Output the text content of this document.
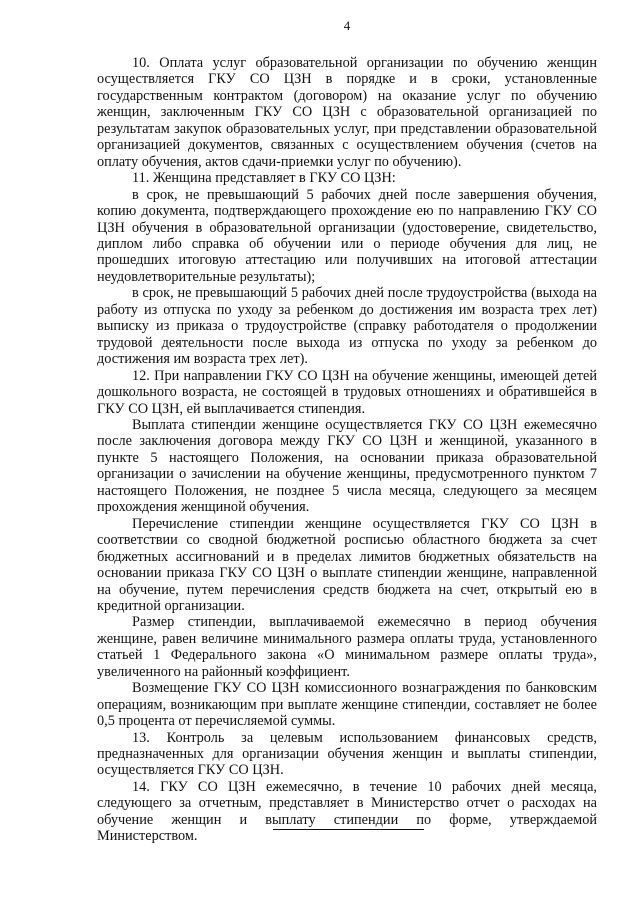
4

10. Оплата услуг образовательной организации по обучению женщин осуществляется ГКУ СО ЦЗН в порядке и в сроки, установленные государственным контрактом (договором) на оказание услуг по обучению женщин, заключенным ГКУ СО ЦЗН с образовательной организацией по результатам закупок образовательных услуг, при представлении образовательной организацией документов, связанных с осуществлением обучения (счетов на оплату обучения, актов сдачи-приемки услуг по обучению).

11. Женщина представляет в ГКУ СО ЦЗН:

в срок, не превышающий 5 рабочих дней после завершения обучения, копию документа, подтверждающего прохождение ею по направлению ГКУ СО ЦЗН обучения в образовательной организации (удостоверение, свидетельство, диплом либо справка об обучении или о периоде обучения для лиц, не прошедших итоговую аттестацию или получивших на итоговой аттестации неудовлетворительные результаты);

в срок, не превышающий 5 рабочих дней после трудоустройства (выхода на работу из отпуска по уходу за ребенком до достижения им возраста трех лет) выписку из приказа о трудоустройстве (справку работодателя о продолжении трудовой деятельности после выхода из отпуска по уходу за ребенком до достижения им возраста трех лет).

12. При направлении ГКУ СО ЦЗН на обучение женщины, имеющей детей дошкольного возраста, не состоящей в трудовых отношениях и обратившейся в ГКУ СО ЦЗН, ей выплачивается стипендия.

Выплата стипендии женщине осуществляется ГКУ СО ЦЗН ежемесячно после заключения договора между ГКУ СО ЦЗН и женщиной, указанного в пункте 5 настоящего Положения, на основании приказа образовательной организации о зачислении на обучение женщины, предусмотренного пунктом 7 настоящего Положения, не позднее 5 числа месяца, следующего за месяцем прохождения женщиной обучения.

Перечисление стипендии женщине осуществляется ГКУ СО ЦЗН в соответствии со сводной бюджетной росписью областного бюджета за счет бюджетных ассигнований и в пределах лимитов бюджетных обязательств на основании приказа ГКУ СО ЦЗН о выплате стипендии женщине, направленной на обучение, путем перечисления средств бюджета на счет, открытый ею в кредитной организации.

Размер стипендии, выплачиваемой ежемесячно в период обучения женщине, равен величине минимального размера оплаты труда, установленного статьей 1 Федерального закона «О минимальном размере оплаты труда», увеличенного на районный коэффициент.

Возмещение ГКУ СО ЦЗН комиссионного вознаграждения по банковским операциям, возникающим при выплате женщине стипендии, составляет не более 0,5 процента от перечисляемой суммы.

13. Контроль за целевым использованием финансовых средств, предназначенных для организации обучения женщин и выплаты стипендии, осуществляется ГКУ СО ЦЗН.

14. ГКУ СО ЦЗН ежемесячно, в течение 10 рабочих дней месяца, следующего за отчетным, представляет в Министерство отчет о расходах на обучение женщин и выплату стипендии по форме, утверждаемой Министерством.
